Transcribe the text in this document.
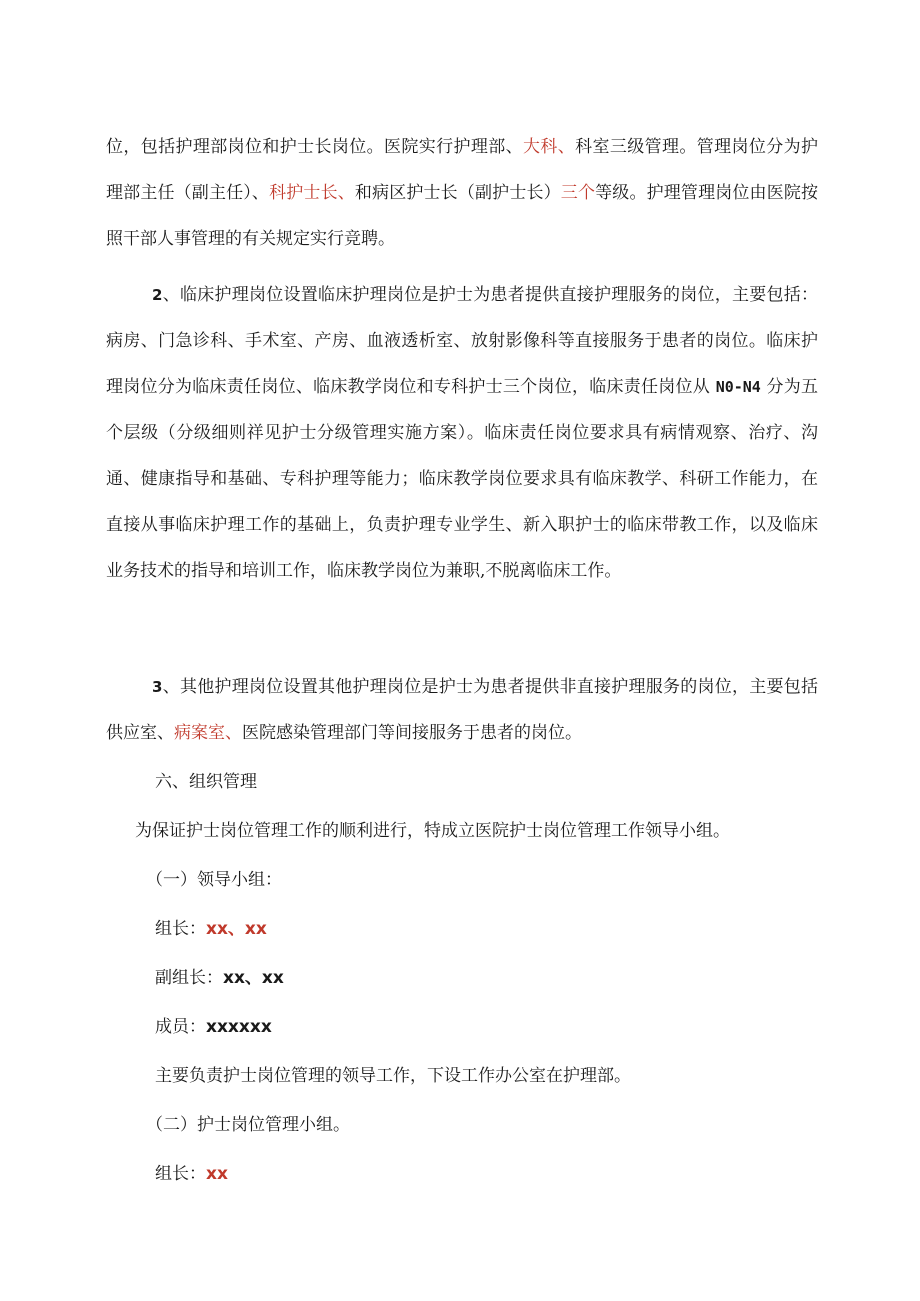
位，包括护理部岗位和护士长岗位。医院实行护理部、大科、科室三级管理。管理岗位分为护理部主任（副主任）、科护士长、和病区护士长（副护士长）三个等级。护理管理岗位由医院按照干部人事管理的有关规定实行竞聘。

2、临床护理岗位设置临床护理岗位是护士为患者提供直接护理服务的岗位，主要包括：病房、门急诊科、手术室、产房、血液透析室、放射影像科等直接服务于患者的岗位。临床护理岗位分为临床责任岗位、临床教学岗位和专科护士三个岗位，临床责任岗位从 N0-N4 分为五个层级（分级细则祥见护士分级管理实施方案）。临床责任岗位要求具有病情观察、治疗、沟通、健康指导和基础、专科护理等能力；临床教学岗位要求具有临床教学、科研工作能力，在直接从事临床护理工作的基础上，负责护理专业学生、新入职护士的临床带教工作，以及临床业务技术的指导和培训工作，临床教学岗位为兼职,不脱离临床工作。

3、其他护理岗位设置其他护理岗位是护士为患者提供非直接护理服务的岗位，主要包括供应室、病案室、医院感染管理部门等间接服务于患者的岗位。

六、组织管理
为保证护士岗位管理工作的顺利进行，特成立医院护士岗位管理工作领导小组。
（一）领导小组：
组长：xx、xx
副组长：xx、xx
成员：xxxxxx
主要负责护士岗位管理的领导工作，下设工作办公室在护理部。
（二）护士岗位管理小组。
组长：xx
